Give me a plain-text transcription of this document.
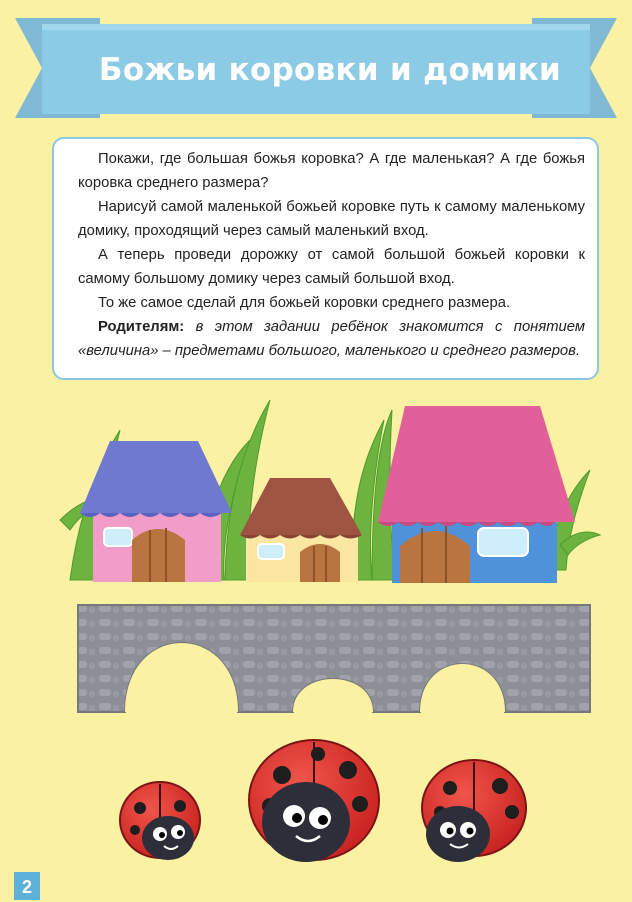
Божьи коровки и домики

Покажи, где большая божья коровка? А где маленькая? А где божья коровка среднего размера?

Нарисуй самой маленькой божьей коровке путь к самому маленькому домику, проходящий через самый маленький вход.

А теперь проведи дорожку от самой большой божьей коровки к самому большому домику через самый большой вход.

То же самое сделай для божьей коровки среднего размера.

Родителям: в этом задании ребёнок знакомится с понятием «величина» – предметами большого, маленького и среднего размеров.

2
